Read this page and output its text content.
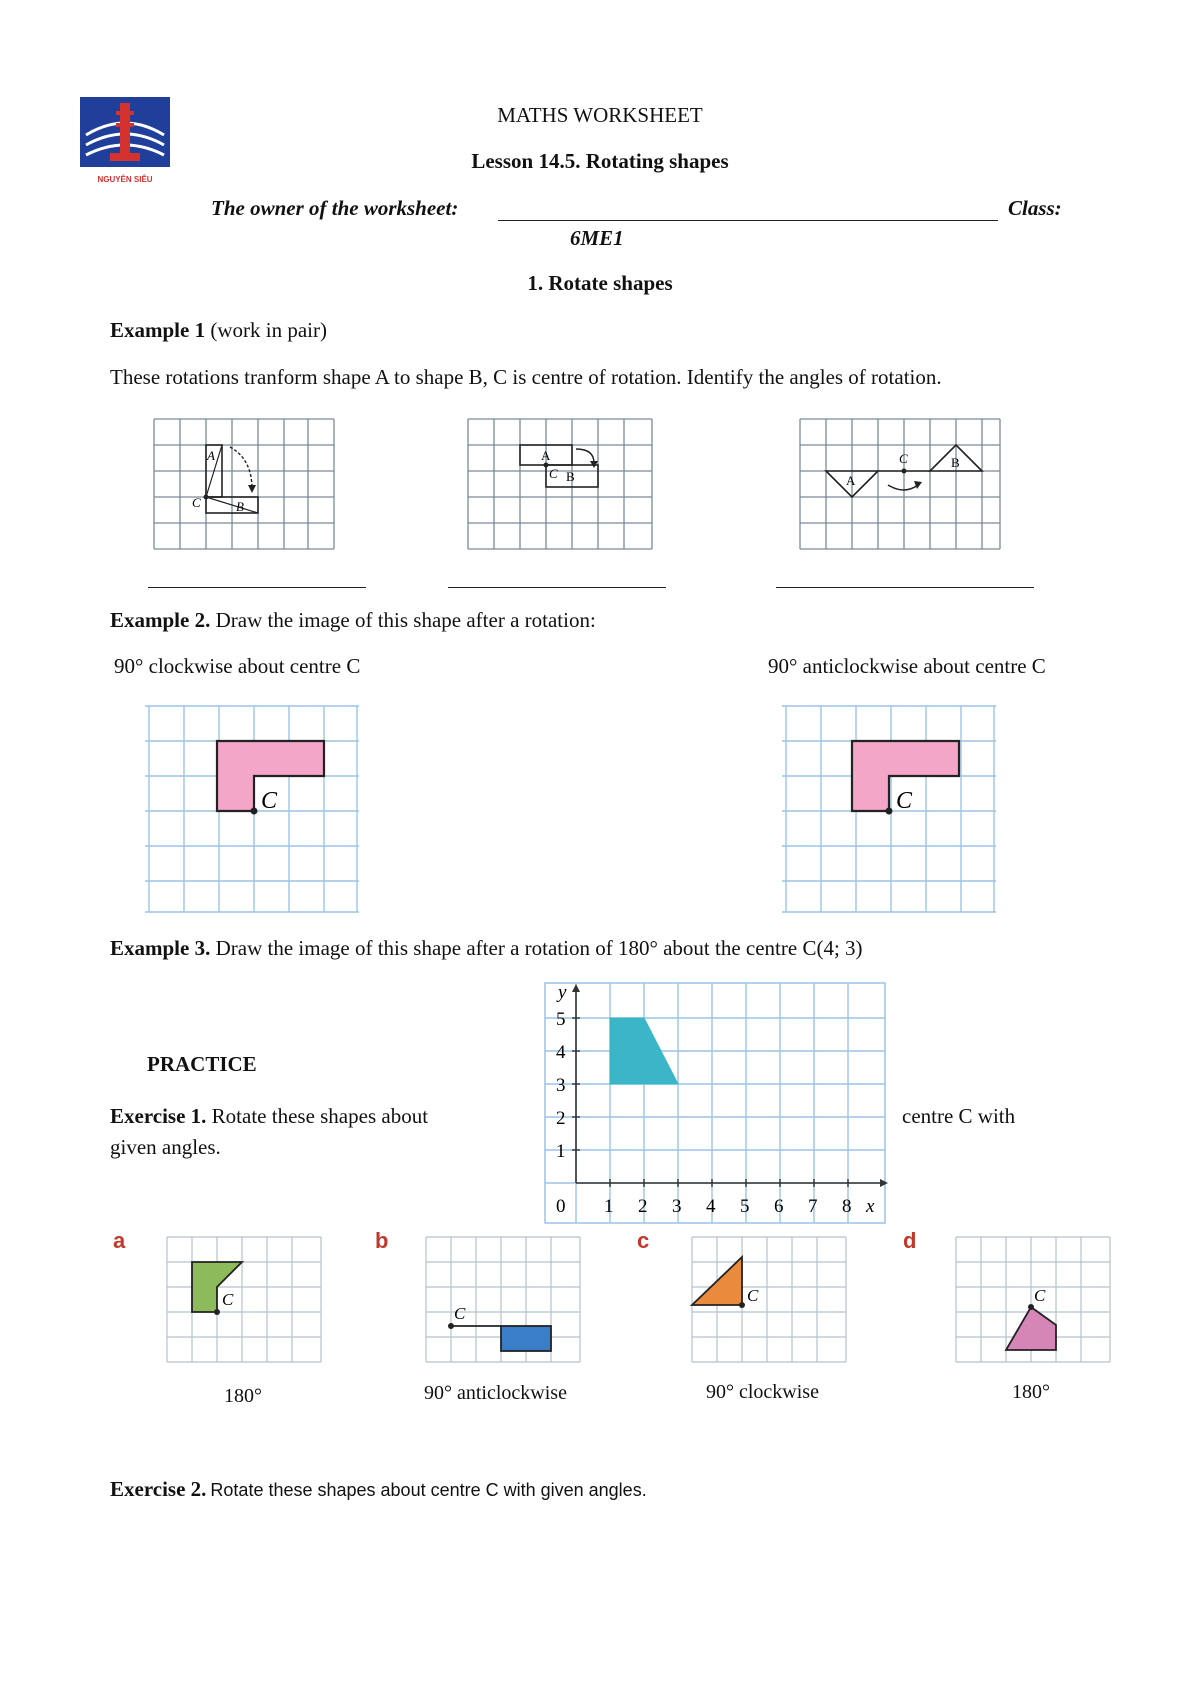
NGUYỄN SIÊU
MATHS WORKSHEET
Lesson 14.5. Rotating shapes
The owner of the worksheet:	Class:
6ME1
1. Rotate shapes
Example 1 (work in pair)
These rotations tranform shape A to shape B, C is centre of rotation. Identify the angles of rotation.
A
B
C
A
B
C	A
B
C
Example 2. Draw the image of this shape after a rotation:
90° clockwise about centre C	90° anticlockwise about centre C
C	C
Example 3. Draw the image of this shape after a rotation of 180° about the centre C(4; 3)
1 2 3 4 5 6 7 8
1
2
3
4
5
y
x
0
PRACTICE
Exercise 1. Rotate these shapes about	centre C with
given angles.
a	b	c	d
C
180°
C
90° anticlockwise
C
90° clockwise
C
180°
Exercise 2. Rotate these shapes about centre C with given angles.
